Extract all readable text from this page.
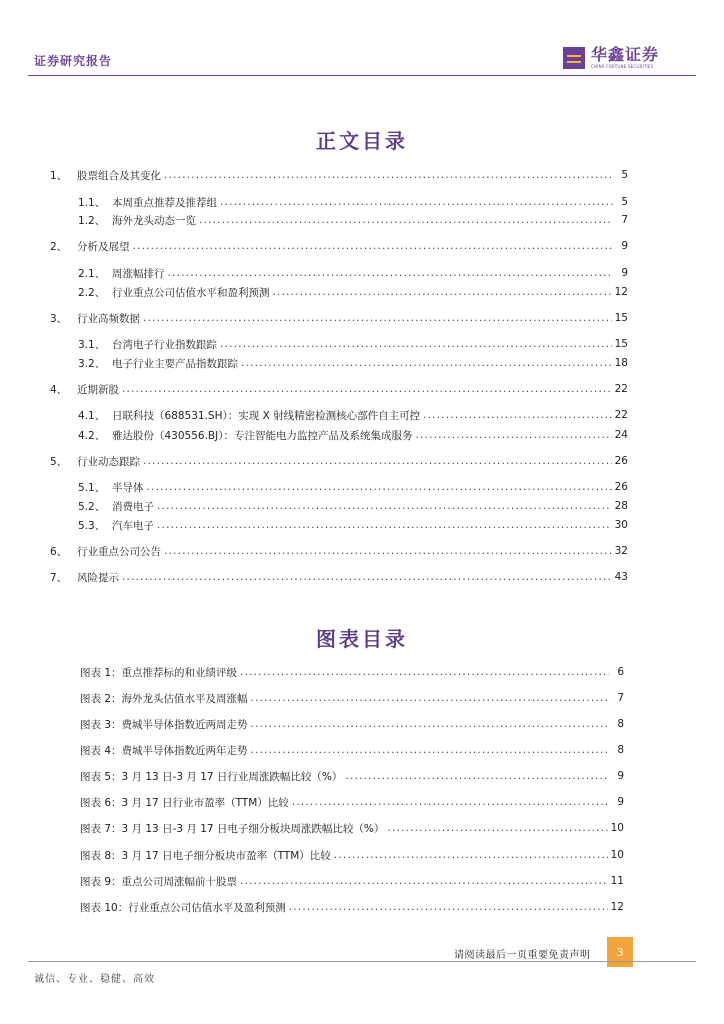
证券研究报告	华鑫证券
CHINA FORTUNE SECURITIES
正文目录
1、 股票组合及其变化 .....	5
1.1、 本周重点推荐及推荐组 .....	5
1.2、 海外龙头动态一览 .....	7
2、 分析及展望 .....	9
2.1、 周涨幅排行 .....	9
2.2、 行业重点公司估值水平和盈利预测 .....	12
3、 行业高频数据 .....	15
3.1、 台湾电子行业指数跟踪 .....	15
3.2、 电子行业主要产品指数跟踪 .....	18
4、 近期新股 .....	22
4.1、 日联科技（688531.SH）：实现 X 射线精密检测核心部件自主可控 .....	22
4.2、 雅达股份（430556.BJ）：专注智能电力监控产品及系统集成服务 .....	24
5、 行业动态跟踪 .....	26
5.1、 半导体 .....	26
5.2、 消费电子 .....	28
5.3、 汽车电子 .....	30
6、 行业重点公司公告 .....	32
7、 风险提示 .....	43
图表目录
图表 1：重点推荐标的和业绩评级 .....	6
图表 2：海外龙头估值水平及周涨幅 .....	7
图表 3：费城半导体指数近两周走势 .....	8
图表 4：费城半导体指数近两年走势 .....	8
图表 5：3 月 13 日-3 月 17 日行业周涨跌幅比较（%） .....	9
图表 6：3 月 17 日行业市盈率（TTM）比较 .....	9
图表 7：3 月 13 日-3 月 17 日电子细分板块周涨跌幅比较（%） .....	10
图表 8：3 月 17 日电子细分板块市盈率（TTM）比较 .....	10
图表 9：重点公司周涨幅前十股票 .....	11
图表 10：行业重点公司估值水平及盈利预测 .....	12
请阅读最后一页重要免责声明	3
诚信、专业、稳健、高效
